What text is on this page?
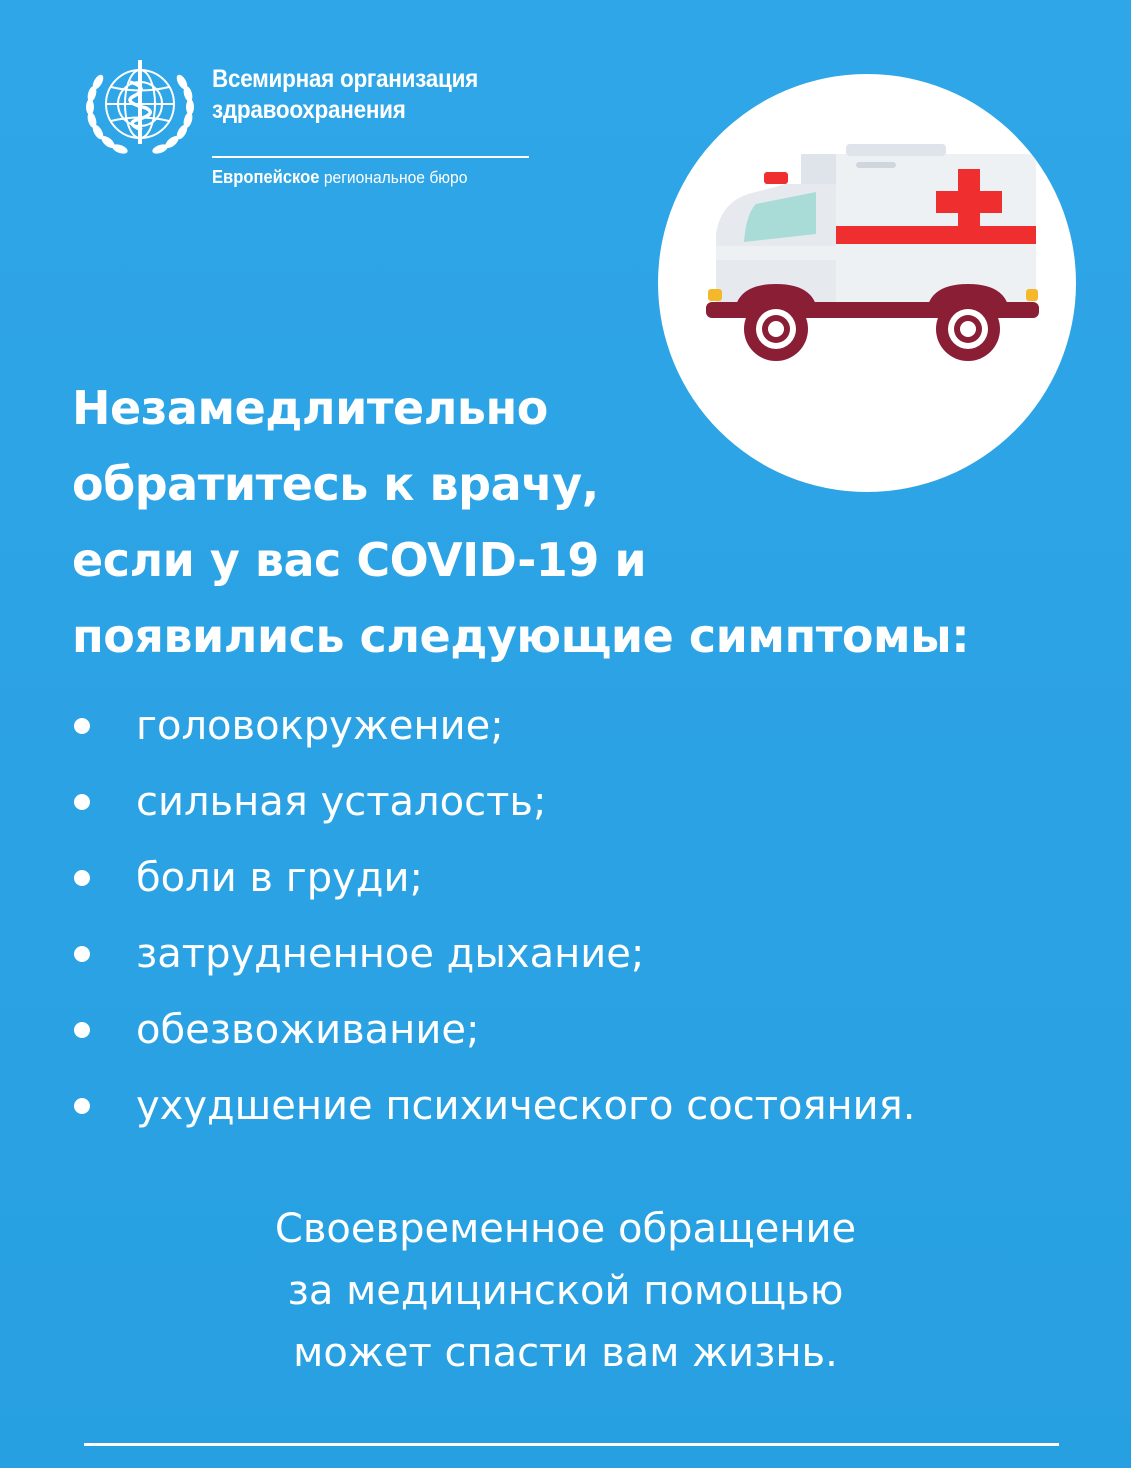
Всемирная организация
здравоохранения
Европейское региональное бюро
Незамедлительно
обратитесь к врачу,
если у вас COVID-19 и
появились следующие симптомы:
головокружение;
сильная усталость;
боли в груди;
затрудненное дыхание;
обезвоживание;
ухудшение психического состояния.
Своевременное обращение
за медицинской помощью
может спасти вам жизнь.
